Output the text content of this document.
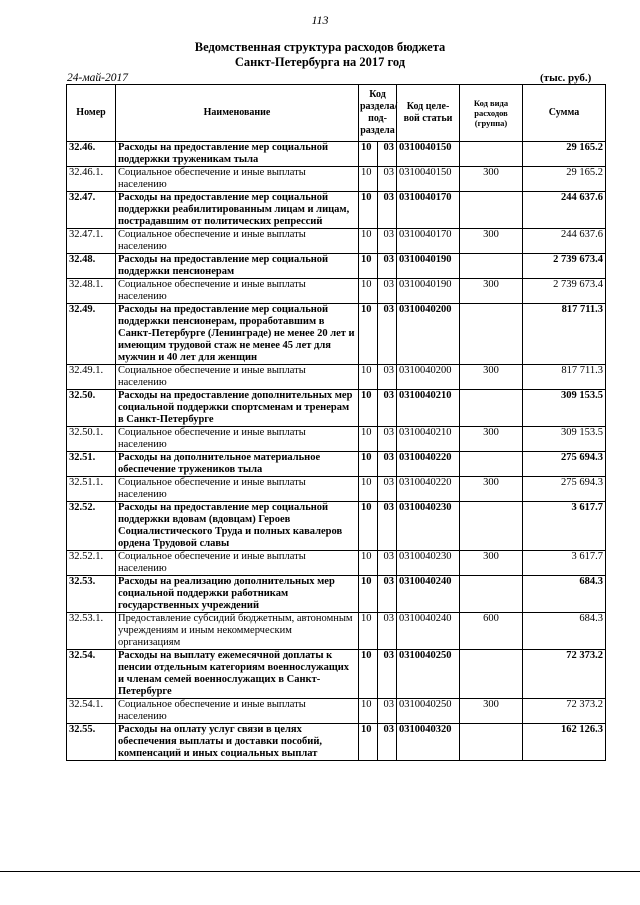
113
Ведомственная структура расходов бюджета
Санкт-Петербурга на 2017 год
24-май-2017	(тыс. руб.)
Номер	Наименование	Код раздела/ под- раздела		Код целе- вой статьи	Код вида расходов (группа)	Сумма
32.46.	Расходы на предоставление мер социальной поддержки труженикам тыла	10	03	0310040150		29 165.2
32.46.1.	Социальное обеспечение и иные выплаты населению	10	03	0310040150	300	29 165.2
32.47.	Расходы на предоставление мер социальной поддержки реабилитированным лицам и лицам, пострадавшим от политических репрессий	10	03	0310040170		244 637.6
32.47.1.	Социальное обеспечение и иные выплаты населению	10	03	0310040170	300	244 637.6
32.48.	Расходы на предоставление мер социальной поддержки пенсионерам	10	03	0310040190		2 739 673.4
32.48.1.	Социальное обеспечение и иные выплаты населению	10	03	0310040190	300	2 739 673.4
32.49.	Расходы на предоставление мер социальной поддержки пенсионерам, проработавшим в Санкт-Петербурге (Ленинграде) не менее 20 лет и имеющим трудовой стаж не менее 45 лет для мужчин и 40 лет для женщин	10	03	0310040200		817 711.3
32.49.1.	Социальное обеспечение и иные выплаты населению	10	03	0310040200	300	817 711.3
32.50.	Расходы на предоставление дополнительных мер социальной поддержки спортсменам и тренерам в Санкт-Петербурге	10	03	0310040210		309 153.5
32.50.1.	Социальное обеспечение и иные выплаты населению	10	03	0310040210	300	309 153.5
32.51.	Расходы на дополнительное материальное обеспечение тружеников тыла	10	03	0310040220		275 694.3
32.51.1.	Социальное обеспечение и иные выплаты населению	10	03	0310040220	300	275 694.3
32.52.	Расходы на предоставление мер социальной поддержки вдовам (вдовцам) Героев Социалистического Труда и полных кавалеров ордена Трудовой славы	10	03	0310040230		3 617.7
32.52.1.	Социальное обеспечение и иные выплаты населению	10	03	0310040230	300	3 617.7
32.53.	Расходы на реализацию дополнительных мер социальной поддержки работникам государственных учреждений	10	03	0310040240		684.3
32.53.1.	Предоставление субсидий бюджетным, автономным учреждениям и иным некоммерческим организациям	10	03	0310040240	600	684.3
32.54.	Расходы на выплату ежемесячной доплаты к пенсии отдельным категориям военнослужащих и членам семей военнослужащих в Санкт-Петербурге	10	03	0310040250		72 373.2
32.54.1.	Социальное обеспечение и иные выплаты населению	10	03	0310040250	300	72 373.2
32.55.	Расходы на оплату услуг связи в целях обеспечения выплаты и доставки пособий, компенсаций и иных социальных выплат	10	03	0310040320		162 126.3
